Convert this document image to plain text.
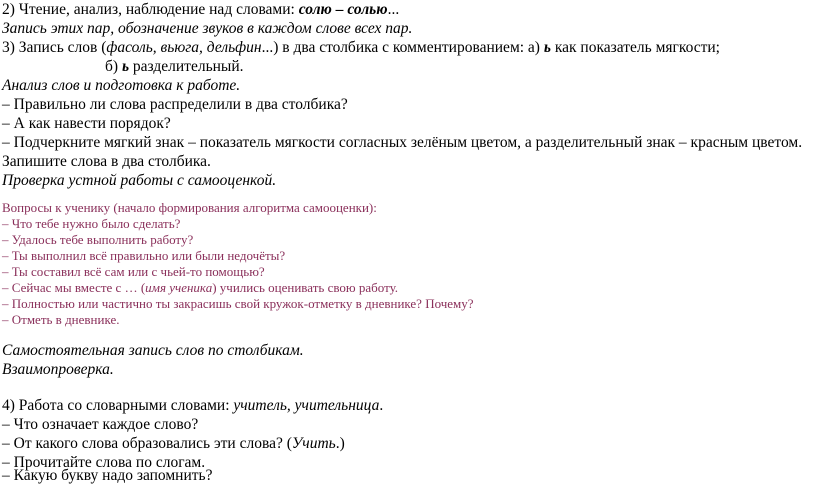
2) Чтение, анализ, наблюдение над словами: солю – солью...
Запись этих пар, обозначение звуков в каждом слове всех пар.
3) Запись слов (фасоль, вьюга, дельфин...) в два столбика с комментированием: а) ь как показатель мягкости;
б) ь разделительный.
Анализ слов и подготовка к работе.
– Правильно ли слова распределили в два столбика?
– А как навести порядок?
– Подчеркните мягкий знак – показатель мягкости согласных зелёным цветом, а разделительный знак – красным цветом.
Запишите слова в два столбика.
Проверка устной работы с самооценкой.
Вопросы к ученику (начало формирования алгоритма самооценки):
– Что тебе нужно было сделать?
– Удалось тебе выполнить работу?
– Ты выполнил всё правильно или были недочёты?
– Ты составил всё сам или с чьей-то помощью?
– Сейчас мы вместе с … (имя ученика) учились оценивать свою работу.
– Полностью или частично ты закрасишь свой кружок-отметку в дневнике? Почему?
– Отметь в дневнике.
Самостоятельная запись слов по столбикам.
Взаимопроверка.
4) Работа со словарными словами: учитель, учительница.
– Что означает каждое слово?
– От какого слова образовались эти слова? (Учить.)
– Прочитайте слова по слогам.
– Какую букву надо запомнить?
